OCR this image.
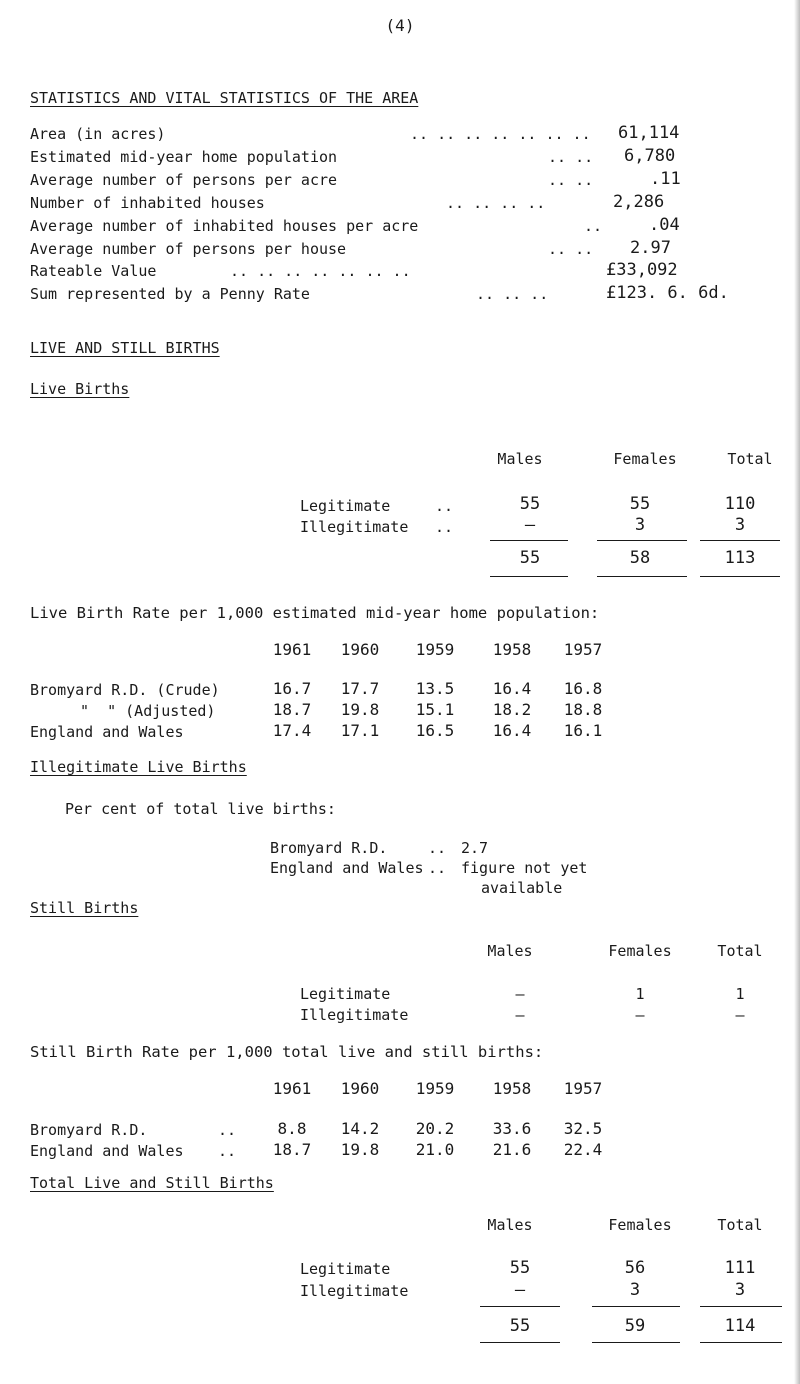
(4)
STATISTICS AND VITAL STATISTICS OF THE AREA
Area (in acres)	.. .. .. .. .. .. .. 61,114
Estimated mid-year home population	.. .. 6,780
Average number of persons per acre	.. ..	.11
Number of inhabited houses	.. .. .. ..	2,286
Average number of inhabited houses per acre	..	.04
Average number of persons per house	.. .. 2.97
Rateable Value	.. .. .. .. .. .. ..	£33,092
Sum represented by a Penny Rate	.. .. ..	£123. 6. 6d.
LIVE AND STILL BIRTHS
Live Births
Males	Females	Total
Legitimate	..	55	55	110
Illegitimate ..	–	3	3
55	58	113
Live Birth Rate per 1,000 estimated mid-year home population:
1961	1960	1959	1958	1957
Bromyard R.D. (Crude)	16.7	17.7	13.5	16.4	16.8
"  " (Adjusted)	18.7	19.8	15.1	18.2	18.8
England and Wales	17.4	17.1	16.5	16.4	16.1
Illegitimate Live Births
Per cent of total live births:
Bromyard R.D.	.. 2.7
England and Wales .. figure not yet
available
Still Births
Males	Females	Total
Legitimate	–	1	1
Illegitimate	–	–	–
Still Birth Rate per 1,000 total live and still births:
1961	1960	1959	1958	1957
Bromyard R.D.	..	8.8	14.2	20.2	33.6	32.5
England and Wales ..	18.7	19.8	21.0	21.6	22.4
Total Live and Still Births
Males	Females	Total
Legitimate	55	56	111
Illegitimate	–	3	3
55	59	114
